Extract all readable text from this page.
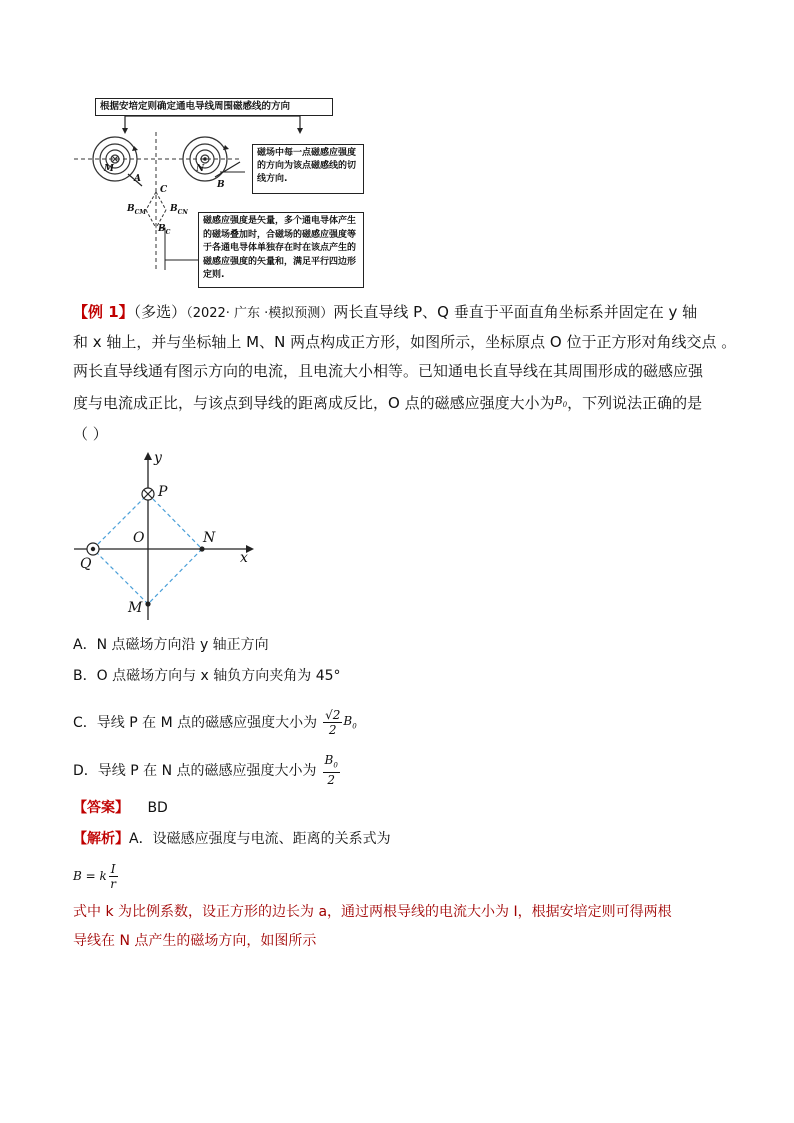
根据安培定则确定通电导线周围磁感线的方向
磁场中每一点磁感应强度的方向为该点磁感线的切线方向.
磁感应强度是矢量，多个通电导体产生的磁场叠加时，合磁场的磁感应强度等于各通电导体单独存在时在该点产生的磁感应强度的矢量和，满足平行四边形定则.
M	N
A
B
C
$B_{CM}$	$B_{CN}$
$B_C$
【例 1】（多选）（2022· 广东 ·模拟预测）两长直导线 P、Q 垂直于平面直角坐标系并固定在 y 轴
和 x 轴上，并与坐标轴上 M、N 两点构成正方形，如图所示，坐标原点 O 位于正方形对角线交点 。
两长直导线通有图示方向的电流，且电流大小相等。已知通电长直导线在其周围形成的磁感应强
度与电流成正比，与该点到导线的距离成反比，O 点的磁感应强度大小为$^{B_0}$，下列说法正确的是
（ ）
y
x
P
O	N
Q
M
A．N 点磁场方向沿 y 轴正方向
B．O 点磁场方向与 x 轴负方向夹角为 45°
C．导线 P 在 M 点的磁感应强度大小为 $\frac{√2}{2} B_0$
D．导线 P 在 N 点的磁感应强度大小为 $\frac{B_0}{2}$
【答案】 BD
【解析】A．设磁感应强度与电流、距离的关系式为
B = k $\frac{I}{r}$
式中 k 为比例系数，设正方形的边长为 a，通过两根导线的电流大小为 I，根据安培定则可得两根
导线在 N 点产生的磁场方向，如图所示
